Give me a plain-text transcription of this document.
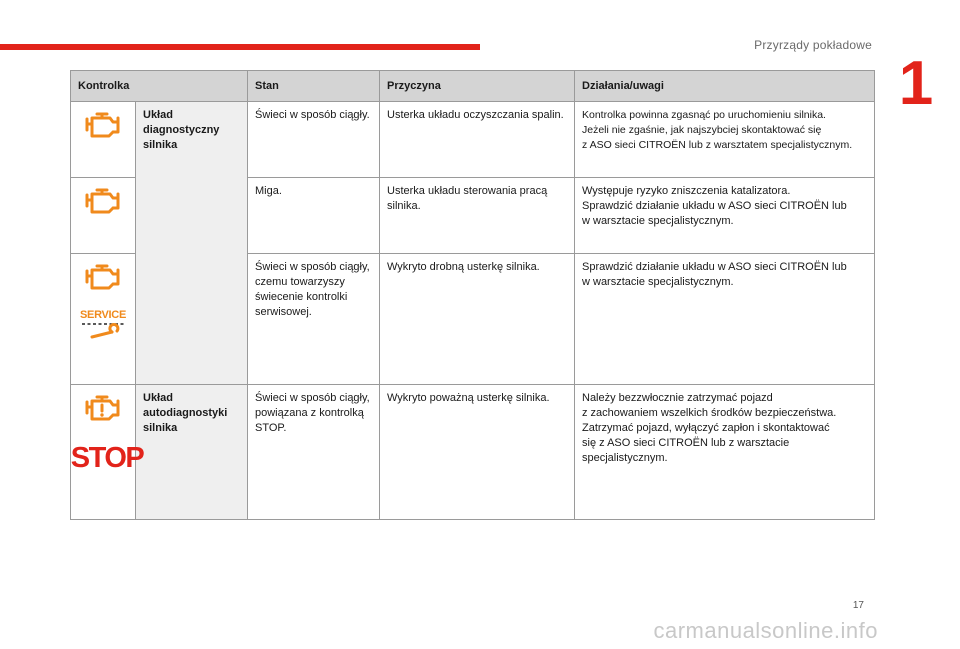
Przyrządy pokładowe
1
Kontrolka		Stan	Przyczyna	Działania/uwagi

Układ
diagnostyczny
silnika	Świeci w sposób ciągły.	Usterka układu oczyszczania spalin.	Kontrolka powinna zgasnąć po uruchomieniu silnika.
Jeżeli nie zgaśnie, jak najszybciej skontaktować się
z ASO sieci CITROËN lub z warsztatem specjalistycznym.

	Miga.	Usterka układu sterowania pracą silnika.	Występuje ryzyko zniszczenia katalizatora.
Sprawdzić działanie układu w ASO sieci CITROËN lub
w warsztacie specjalistycznym.

SERVICE		Świeci w sposób ciągły, czemu towarzyszy świecenie kontrolki serwisowej.	Wykryto drobną usterkę silnika.	Sprawdzić działanie układu w ASO sieci CITROËN lub
w warsztacie specjalistycznym.

STOP	Układ
autodiagnostyki
silnika	Świeci w sposób ciągły, powiązana z kontrolką STOP.	Wykryto poważną usterkę silnika.	Należy bezzwłocznie zatrzymać pojazd
z zachowaniem wszelkich środków bezpieczeństwa.
Zatrzymać pojazd, wyłączyć zapłon i skontaktować
się z ASO sieci CITROËN lub z warsztacie
specjalistycznym.
17
carmanualsonline.info
